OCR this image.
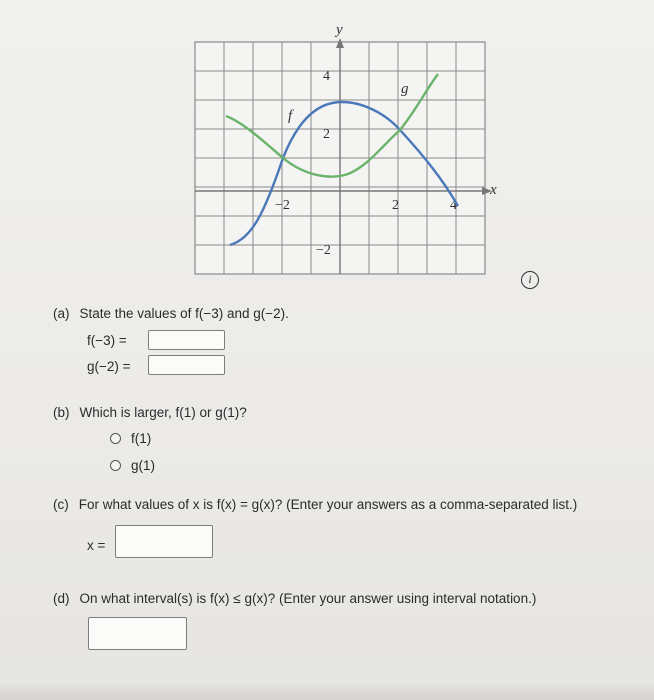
y
x
−2	2	4
4
2
−2
f
g
i
(a) State the values of f(−3) and g(−2).
f(−3) =
g(−2) =
(b) Which is larger, f(1) or g(1)?
f(1)
g(1)
(c) For what values of x is f(x) = g(x)? (Enter your answers as a comma-separated list.)
x =
(d) On what interval(s) is f(x) ≤ g(x)? (Enter your answer using interval notation.)
